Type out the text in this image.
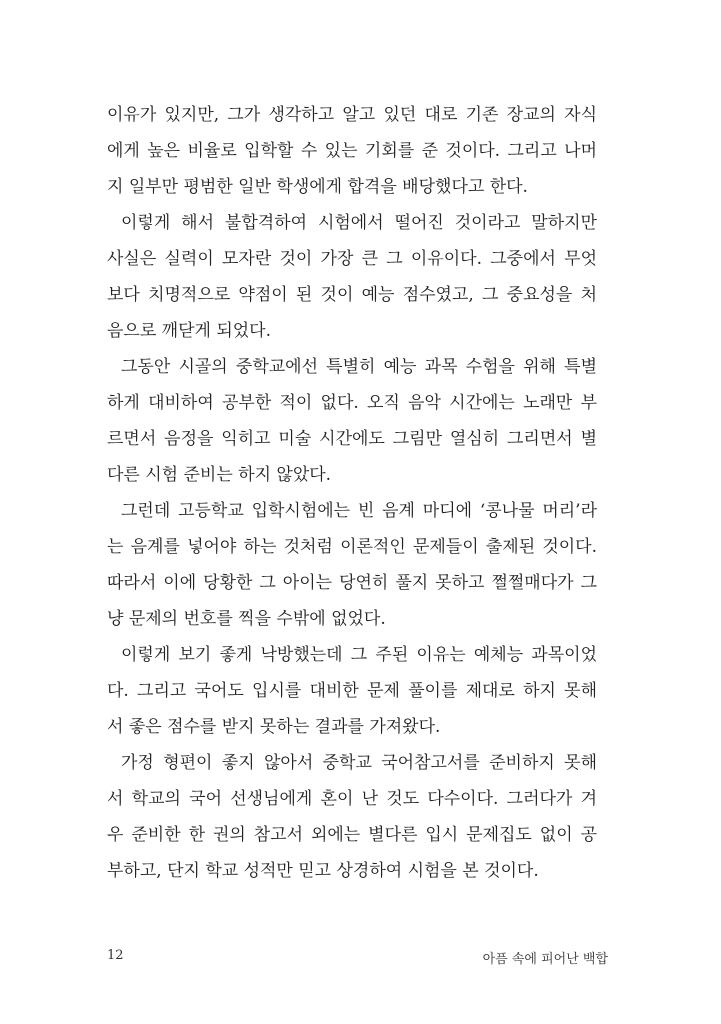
이유가 있지만, 그가 생각하고 알고 있던 대로 기존 장교의 자식
에게 높은 비율로 입학할 수 있는 기회를 준 것이다. 그리고 나머
지 일부만 평범한 일반 학생에게 합격을 배당했다고 한다.
이렇게 해서 불합격하여 시험에서 떨어진 것이라고 말하지만
사실은 실력이 모자란 것이 가장 큰 그 이유이다. 그중에서 무엇
보다 치명적으로 약점이 된 것이 예능 점수였고, 그 중요성을 처
음으로 깨닫게 되었다.
그동안 시골의 중학교에선 특별히 예능 과목 수험을 위해 특별
하게 대비하여 공부한 적이 없다. 오직 음악 시간에는 노래만 부
르면서 음정을 익히고 미술 시간에도 그림만 열심히 그리면서 별
다른 시험 준비는 하지 않았다.
그런데 고등학교 입학시험에는 빈 음계 마디에 ‘콩나물 머리’라
는 음계를 넣어야 하는 것처럼 이론적인 문제들이 출제된 것이다.
따라서 이에 당황한 그 아이는 당연히 풀지 못하고 쩔쩔매다가 그
냥 문제의 번호를 찍을 수밖에 없었다.
이렇게 보기 좋게 낙방했는데 그 주된 이유는 예체능 과목이었
다. 그리고 국어도 입시를 대비한 문제 풀이를 제대로 하지 못해
서 좋은 점수를 받지 못하는 결과를 가져왔다.
가정 형편이 좋지 않아서 중학교 국어참고서를 준비하지 못해
서 학교의 국어 선생님에게 혼이 난 것도 다수이다. 그러다가 겨
우 준비한 한 권의 참고서 외에는 별다른 입시 문제집도 없이 공
부하고, 단지 학교 성적만 믿고 상경하여 시험을 본 것이다.
12	아픔 속에 피어난 백합
